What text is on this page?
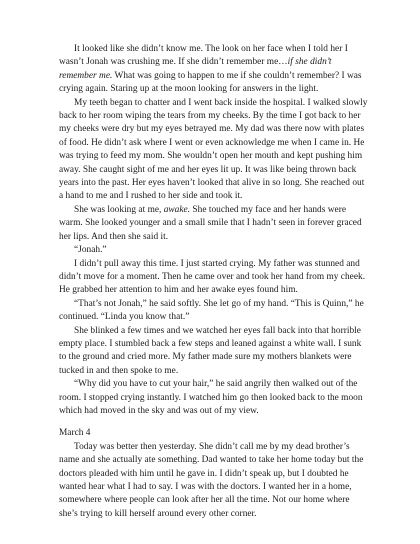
It looked like she didn’t know me. The look on her face when I told her I wasn’t Jonah was crushing me. If she didn’t remember me…if she didn’t remember me. What was going to happen to me if she couldn’t remember? I was crying again. Staring up at the moon looking for answers in the light.

My teeth began to chatter and I went back inside the hospital. I walked slowly back to her room wiping the tears from my cheeks. By the time I got back to her my cheeks were dry but my eyes betrayed me. My dad was there now with plates of food. He didn’t ask where I went or even acknowledge me when I came in. He was trying to feed my mom. She wouldn’t open her mouth and kept pushing him away. She caught sight of me and her eyes lit up. It was like being thrown back years into the past. Her eyes haven’t looked that alive in so long. She reached out a hand to me and I rushed to her side and took it.

She was looking at me, awake. She touched my face and her hands were warm. She looked younger and a small smile that I hadn’t seen in forever graced her lips. And then she said it.

“Jonah.”

I didn’t pull away this time. I just started crying. My father was stunned and didn’t move for a moment. Then he came over and took her hand from my cheek. He grabbed her attention to him and her awake eyes found him.

“That’s not Jonah,” he said softly. She let go of my hand. “This is Quinn,” he continued. “Linda you know that.”

She blinked a few times and we watched her eyes fall back into that horrible empty place. I stumbled back a few steps and leaned against a white wall. I sunk to the ground and cried more. My father made sure my mothers blankets were tucked in and then spoke to me.

“Why did you have to cut your hair,” he said angrily then walked out of the room. I stopped crying instantly. I watched him go then looked back to the moon which had moved in the sky and was out of my view.

March 4

Today was better then yesterday. She didn’t call me by my dead brother’s name and she actually ate something. Dad wanted to take her home today but the doctors pleaded with him until he gave in. I didn’t speak up, but I doubted he wanted hear what I had to say. I was with the doctors. I wanted her in a home, somewhere where people can look after her all the time. Not our home where she’s trying to kill herself around every other corner.
